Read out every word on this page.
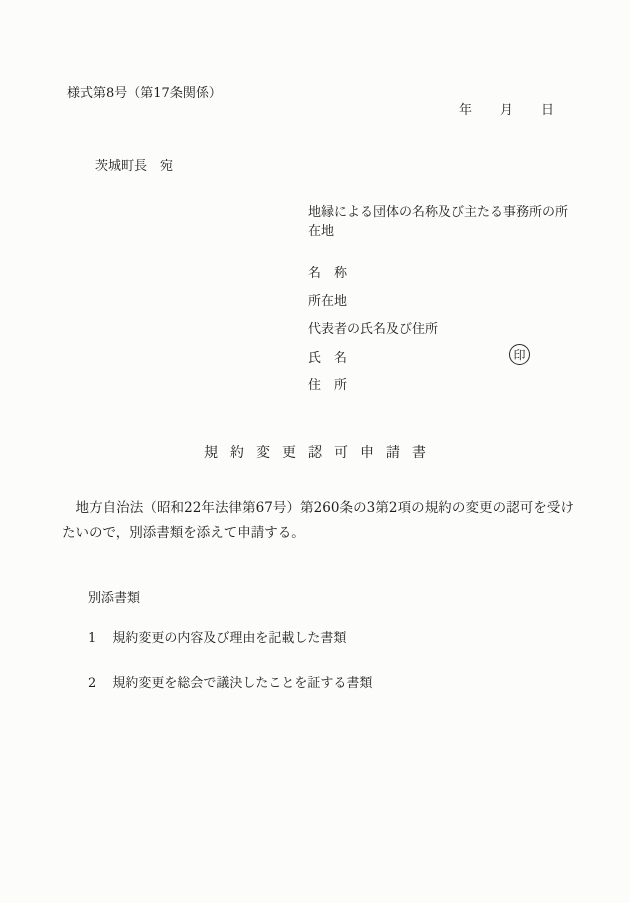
様式第8号（第17条関係）
年 月 日
茨城町長　宛
地縁による団体の名称及び主たる事務所の所在地
名　称
所在地
代表者の氏名及び住所
氏　名	印
住　所
規約変更認可申請書
地方自治法（昭和22年法律第67号）第260条の3第2項の規約の変更の認可を受けたいので，別添書類を添えて申請する。
別添書類
1 規約変更の内容及び理由を記載した書類
2 規約変更を総会で議決したことを証する書類
